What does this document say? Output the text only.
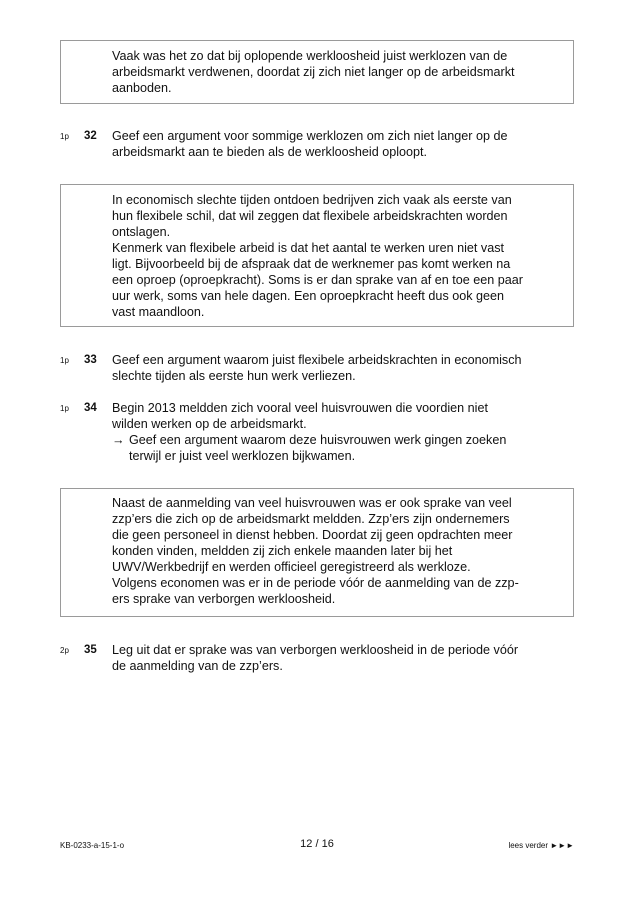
Vaak was het zo dat bij oplopende werkloosheid juist werklozen van de
arbeidsmarkt verdwenen, doordat zij zich niet langer op de arbeidsmarkt
aanboden.
1p 32 Geef een argument voor sommige werklozen om zich niet langer op de
arbeidsmarkt aan te bieden als de werkloosheid oploopt.
In economisch slechte tijden ontdoen bedrijven zich vaak als eerste van
hun flexibele schil, dat wil zeggen dat flexibele arbeidskrachten worden
ontslagen.
Kenmerk van flexibele arbeid is dat het aantal te werken uren niet vast
ligt. Bijvoorbeeld bij de afspraak dat de werknemer pas komt werken na
een oproep (oproepkracht). Soms is er dan sprake van af en toe een paar
uur werk, soms van hele dagen. Een oproepkracht heeft dus ook geen
vast maandloon.
1p 33 Geef een argument waarom juist flexibele arbeidskrachten in economisch
slechte tijden als eerste hun werk verliezen.
1p 34 Begin 2013 meldden zich vooral veel huisvrouwen die voordien niet
wilden werken op de arbeidsmarkt.
→ Geef een argument waarom deze huisvrouwen werk gingen zoeken
terwijl er juist veel werklozen bijkwamen.
Naast de aanmelding van veel huisvrouwen was er ook sprake van veel
zzp’ers die zich op de arbeidsmarkt meldden. Zzp’ers zijn ondernemers
die geen personeel in dienst hebben. Doordat zij geen opdrachten meer
konden vinden, meldden zij zich enkele maanden later bij het
UWV/Werkbedrijf en werden officieel geregistreerd als werkloze.
Volgens economen was er in de periode vóór de aanmelding van de zzp-
ers sprake van verborgen werkloosheid.
2p 35 Leg uit dat er sprake was van verborgen werkloosheid in de periode vóór
de aanmelding van de zzp’ers.
KB-0233-a-15-1-o	12 / 16	lees verder ►►►
